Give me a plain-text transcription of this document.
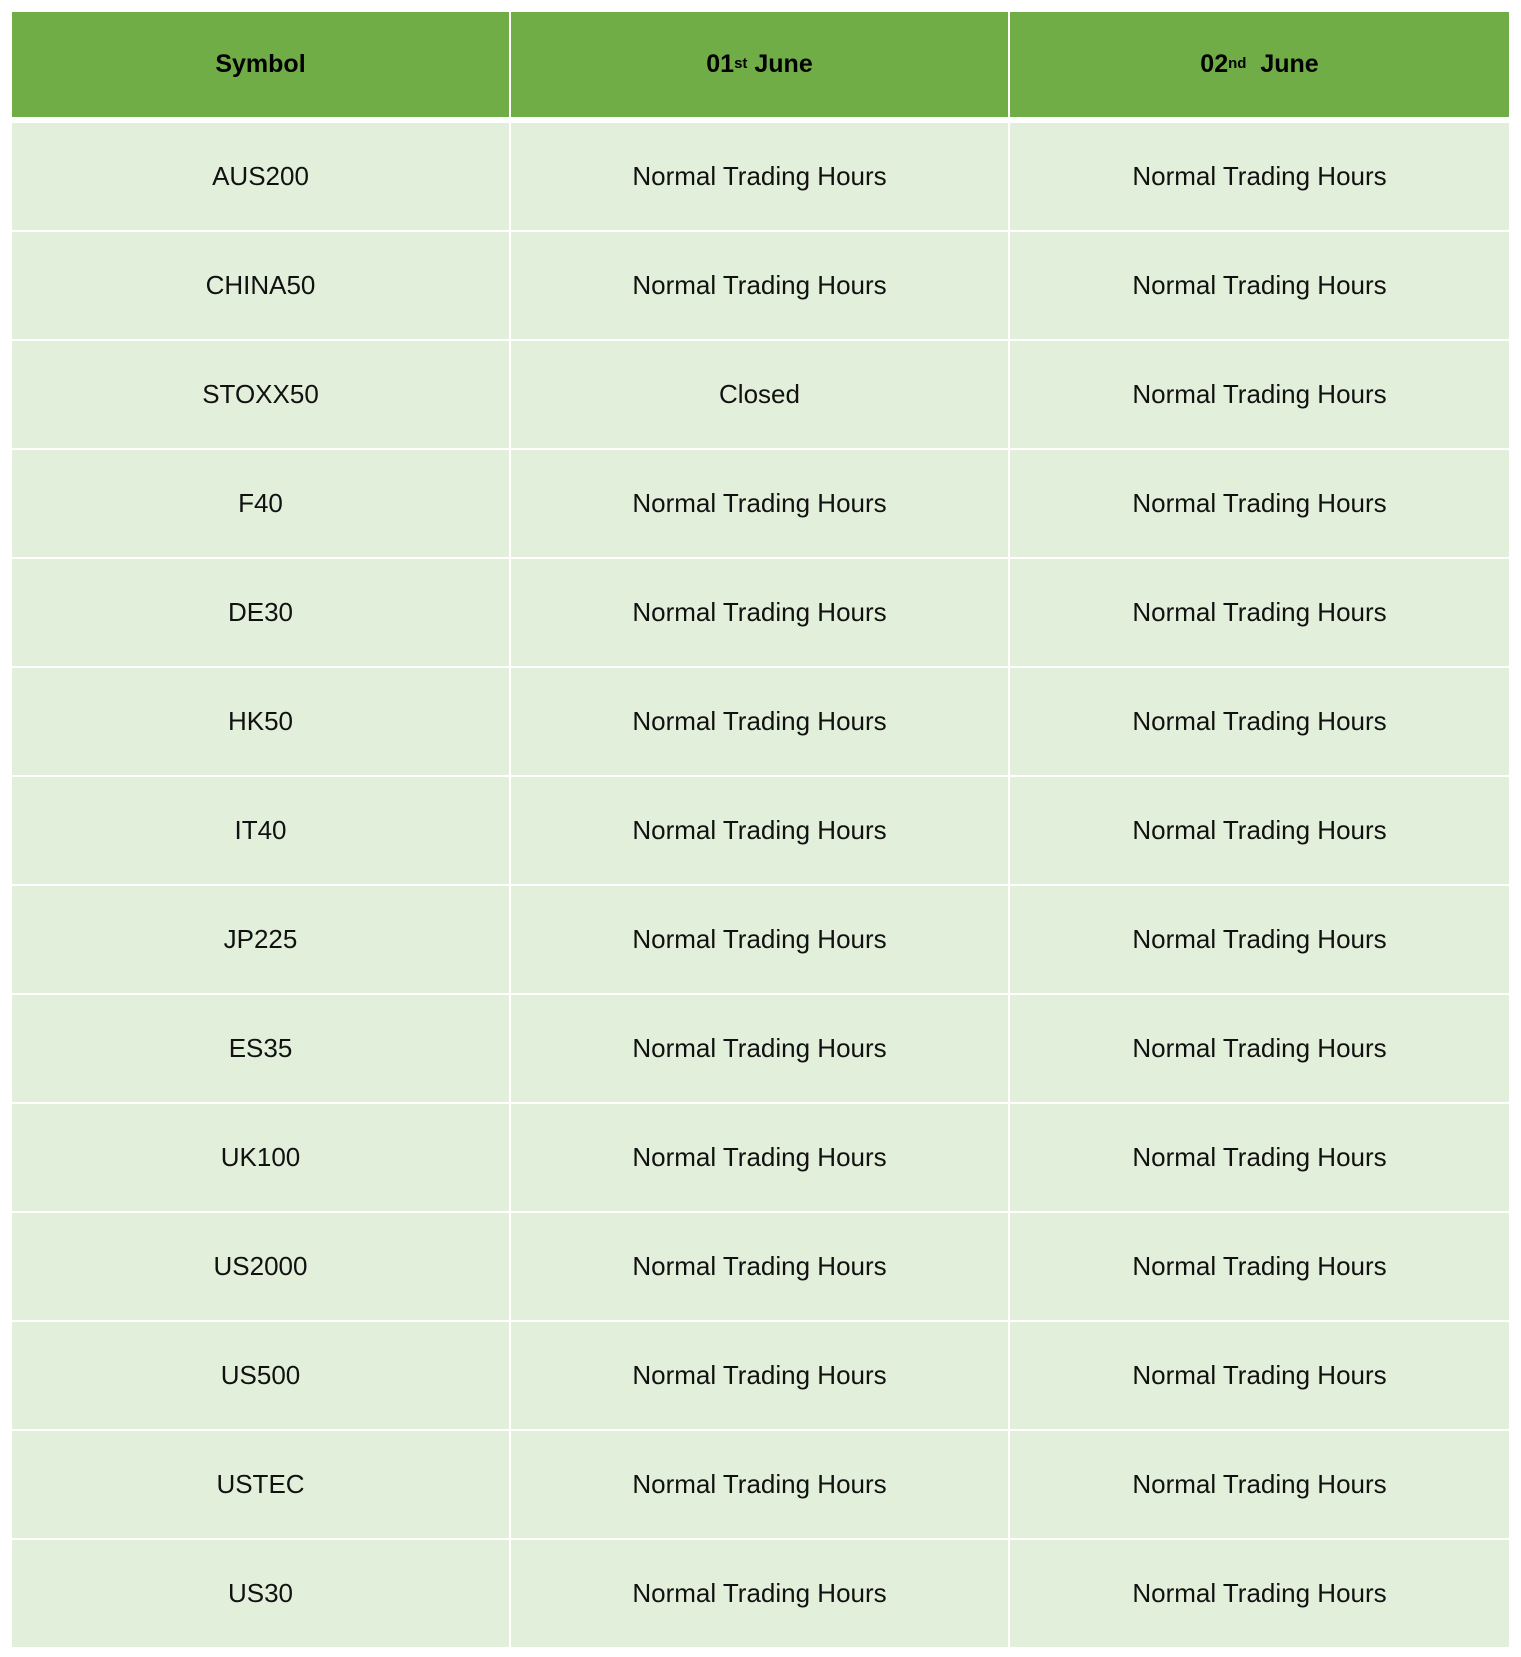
Symbol	01st June	02nd June
AUS200	Normal Trading Hours	Normal Trading Hours
CHINA50	Normal Trading Hours	Normal Trading Hours
STOXX50	Closed	Normal Trading Hours
F40	Normal Trading Hours	Normal Trading Hours
DE30	Normal Trading Hours	Normal Trading Hours
HK50	Normal Trading Hours	Normal Trading Hours
IT40	Normal Trading Hours	Normal Trading Hours
JP225	Normal Trading Hours	Normal Trading Hours
ES35	Normal Trading Hours	Normal Trading Hours
UK100	Normal Trading Hours	Normal Trading Hours
US2000	Normal Trading Hours	Normal Trading Hours
US500	Normal Trading Hours	Normal Trading Hours
USTEC	Normal Trading Hours	Normal Trading Hours
US30	Normal Trading Hours	Normal Trading Hours
